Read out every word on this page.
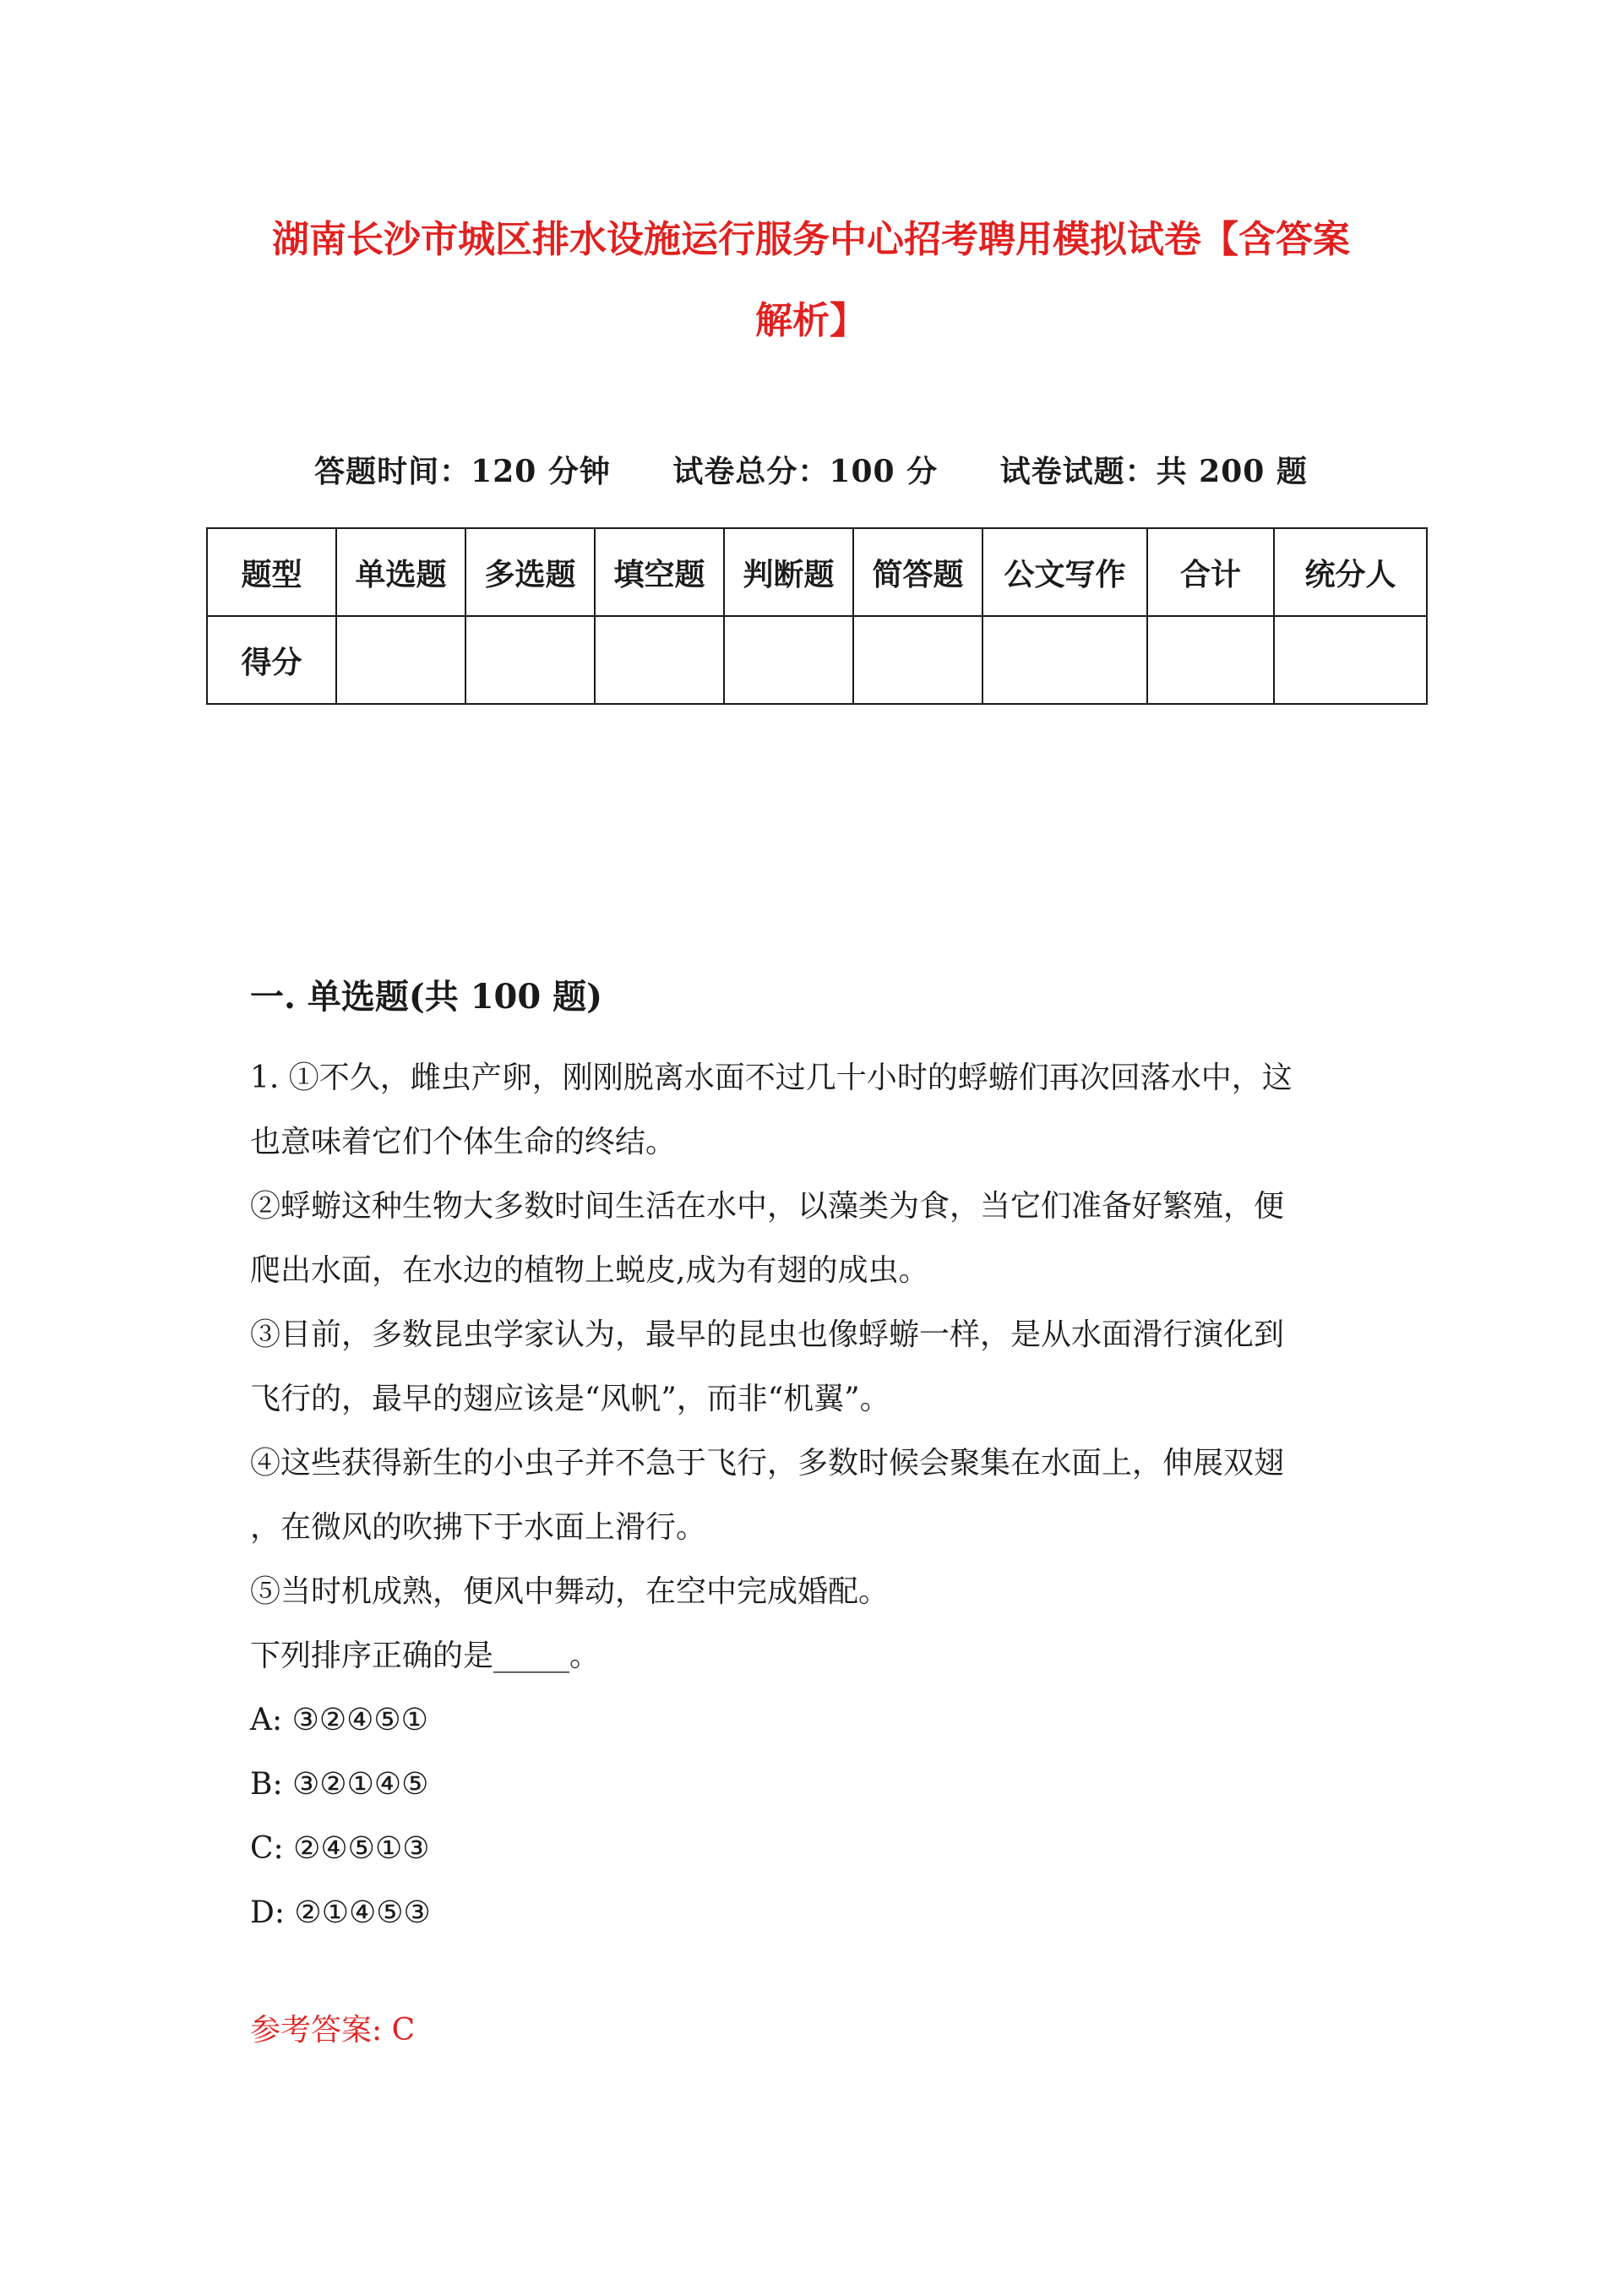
湖南长沙市城区排水设施运行服务中心招考聘用模拟试卷【含答案
解析】
答题时间：120 分钟 试卷总分：100 分 试卷试题：共 200 题
题型	单选题	多选题	填空题	判断题	简答题	公文写作	合计	统分人
得分								
一. 单选题(共 100 题)

1. ①不久，雌虫产卵，刚刚脱离水面不过几十小时的蜉蝣们再次回落水中，这

也意味着它们个体生命的终结。

②蜉蝣这种生物大多数时间生活在水中，以藻类为食，当它们准备好繁殖，便

爬出水面，在水边的植物上蜕皮,成为有翅的成虫。

③目前，多数昆虫学家认为，最早的昆虫也像蜉蝣一样，是从水面滑行演化到

飞行的，最早的翅应该是“风帆”，而非“机翼”。

④这些获得新生的小虫子并不急于飞行，多数时候会聚集在水面上，伸展双翅

，在微风的吹拂下于水面上滑行。

⑤当时机成熟，便风中舞动，在空中完成婚配。

下列排序正确的是_____。

A: ③②④⑤①

B: ③②①④⑤

C: ②④⑤①③

D: ②①④⑤③

参考答案: C
